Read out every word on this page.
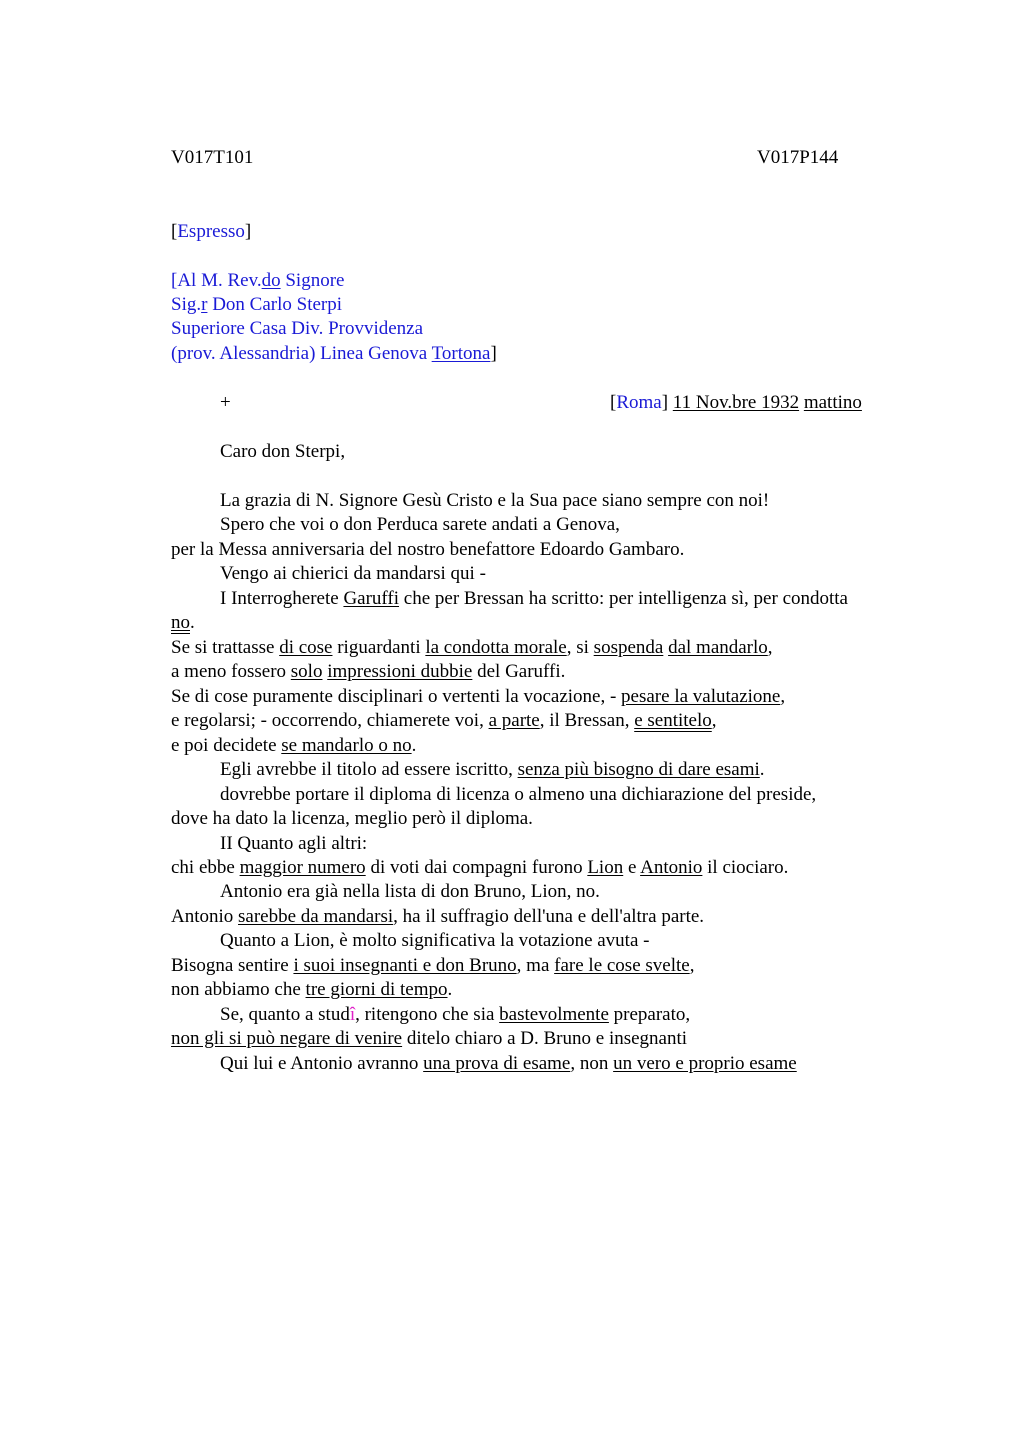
V017T101	V017P144
[Espresso]
[Al M. Rev.do Signore
Sig.r Don Carlo Sterpi
Superiore Casa Div. Provvidenza
(prov. Alessandria) Linea Genova Tortona]
+	[Roma] 11 Nov.bre 1932 mattino
Caro don Sterpi,
La grazia di N. Signore Gesù Cristo e la Sua pace siano sempre con noi!
Spero che voi o don Perduca sarete andati a Genova,
per la Messa anniversaria del nostro benefattore Edoardo Gambaro.
Vengo ai chierici da mandarsi qui -
I Interrogherete Garuffi che per Bressan ha scritto: per intelligenza sì, per condotta
no.
Se si trattasse di cose riguardanti la condotta morale, si sospenda dal mandarlo,
a meno fossero solo impressioni dubbie del Garuffi.
Se di cose puramente disciplinari o vertenti la vocazione, - pesare la valutazione,
e regolarsi; - occorrendo, chiamerete voi, a parte, il Bressan, e sentitelo,
e poi decidete se mandarlo o no.
Egli avrebbe il titolo ad essere iscritto, senza più bisogno di dare esami.
dovrebbe portare il diploma di licenza o almeno una dichiarazione del preside,
dove ha dato la licenza, meglio però il diploma.
II Quanto agli altri:
chi ebbe maggior numero di voti dai compagni furono Lion e Antonio il ciociaro.
Antonio era già nella lista di don Bruno, Lion, no.
Antonio sarebbe da mandarsi, ha il suffragio dell'una e dell'altra parte.
Quanto a Lion, è molto significativa la votazione avuta -
Bisogna sentire i suoi insegnanti e don Bruno, ma fare le cose svelte,
non abbiamo che tre giorni di tempo.
Se, quanto a studî, ritengono che sia bastevolmente preparato,
non gli si può negare di venire ditelo chiaro a D. Bruno e insegnanti
Qui lui e Antonio avranno una prova di esame, non un vero e proprio esame
